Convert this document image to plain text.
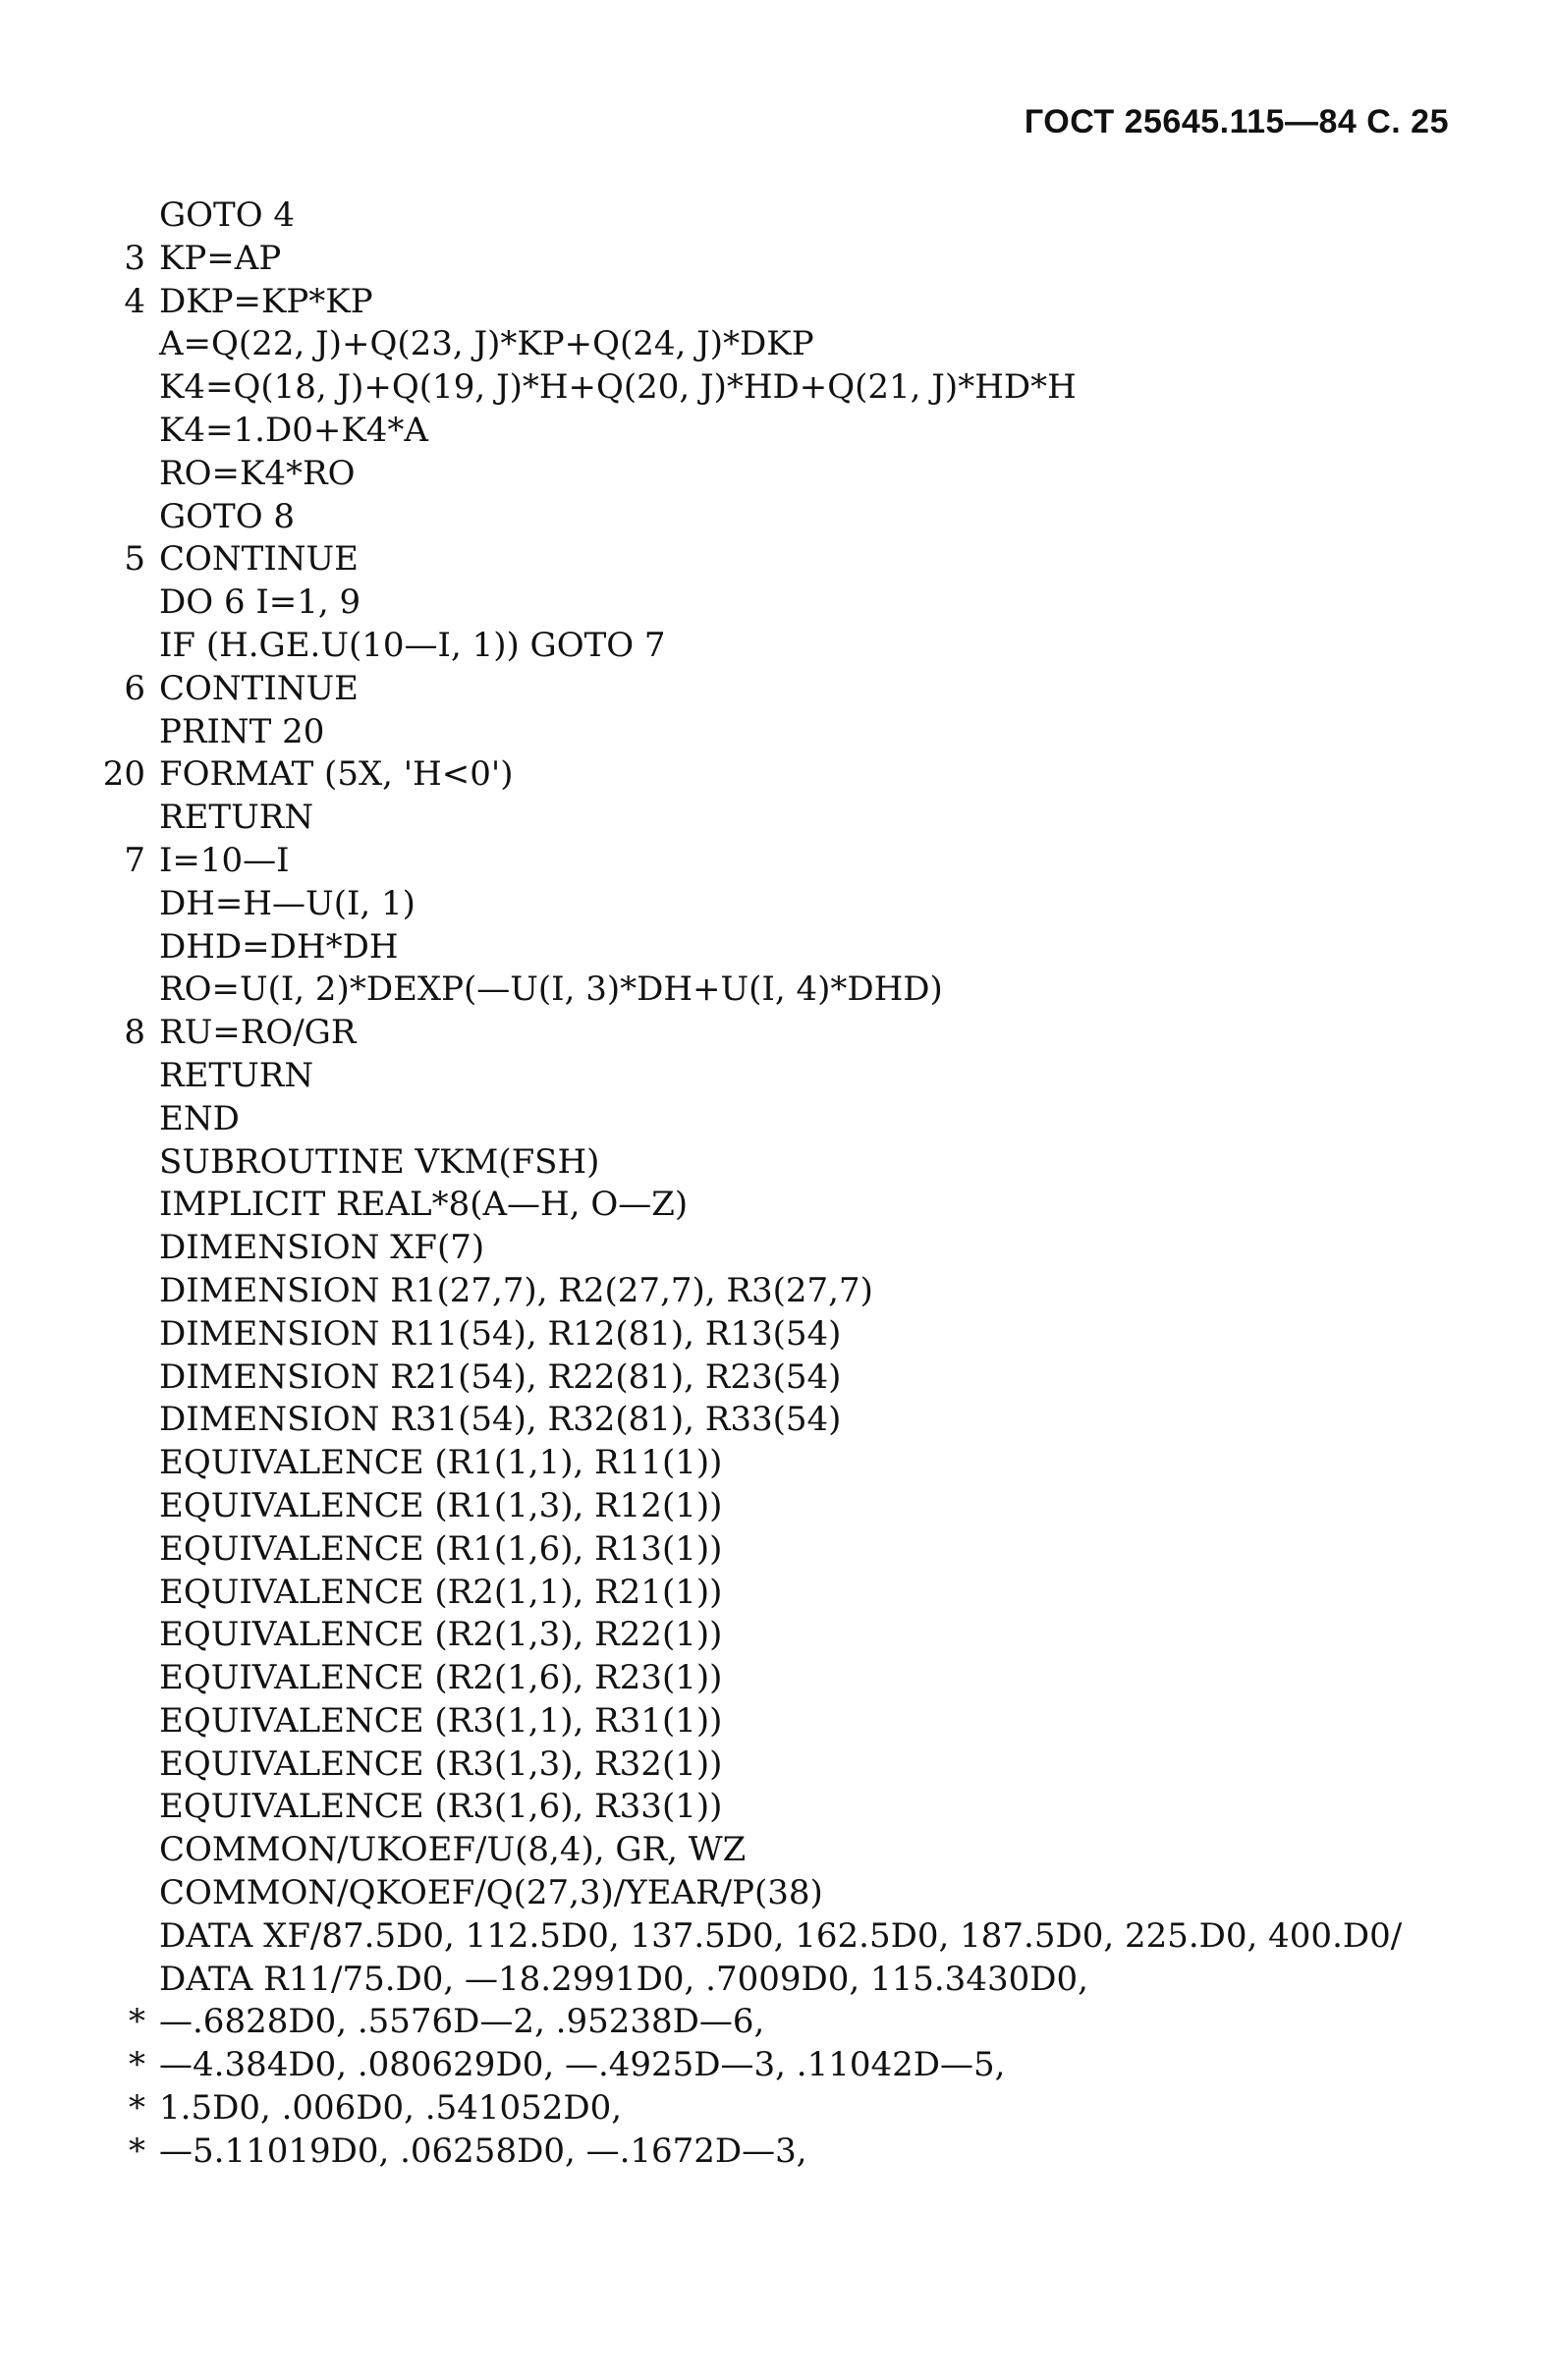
ГОСТ 25645.115—84 С. 25
GOTO 4
3 KP=AP
4 DKP=KP*KP
A=Q(22, J)+Q(23, J)*KP+Q(24, J)*DKP
K4=Q(18, J)+Q(19, J)*H+Q(20, J)*HD+Q(21, J)*HD*H
K4=1.D0+K4*A
RO=K4*RO
GOTO 8
5 CONTINUE
DO 6 I=1, 9
IF (H.GE.U(10—I, 1)) GOTO 7
6 CONTINUE
PRINT 20
20 FORMAT (5X, 'H<0')
RETURN
7 I=10—I
DH=H—U(I, 1)
DHD=DH*DH
RO=U(I, 2)*DEXP(—U(I, 3)*DH+U(I, 4)*DHD)
8 RU=RO/GR
RETURN
END
SUBROUTINE VKM(FSH)
IMPLICIT REAL*8(A—H, O—Z)
DIMENSION XF(7)
DIMENSION R1(27,7), R2(27,7), R3(27,7)
DIMENSION R11(54), R12(81), R13(54)
DIMENSION R21(54), R22(81), R23(54)
DIMENSION R31(54), R32(81), R33(54)
EQUIVALENCE (R1(1,1), R11(1))
EQUIVALENCE (R1(1,3), R12(1))
EQUIVALENCE (R1(1,6), R13(1))
EQUIVALENCE (R2(1,1), R21(1))
EQUIVALENCE (R2(1,3), R22(1))
EQUIVALENCE (R2(1,6), R23(1))
EQUIVALENCE (R3(1,1), R31(1))
EQUIVALENCE (R3(1,3), R32(1))
EQUIVALENCE (R3(1,6), R33(1))
COMMON/UKOEF/U(8,4), GR, WZ
COMMON/QKOEF/Q(27,3)/YEAR/P(38)
DATA XF/87.5D0, 112.5D0, 137.5D0, 162.5D0, 187.5D0, 225.D0, 400.D0/
DATA R11/75.D0, —18.2991D0, .7009D0, 115.3430D0,
* —.6828D0, .5576D—2, .95238D—6,
* —4.384D0, .080629D0, —.4925D—3, .11042D—5,
* 1.5D0, .006D0, .541052D0,
* —5.11019D0, .06258D0, —.1672D—3,
